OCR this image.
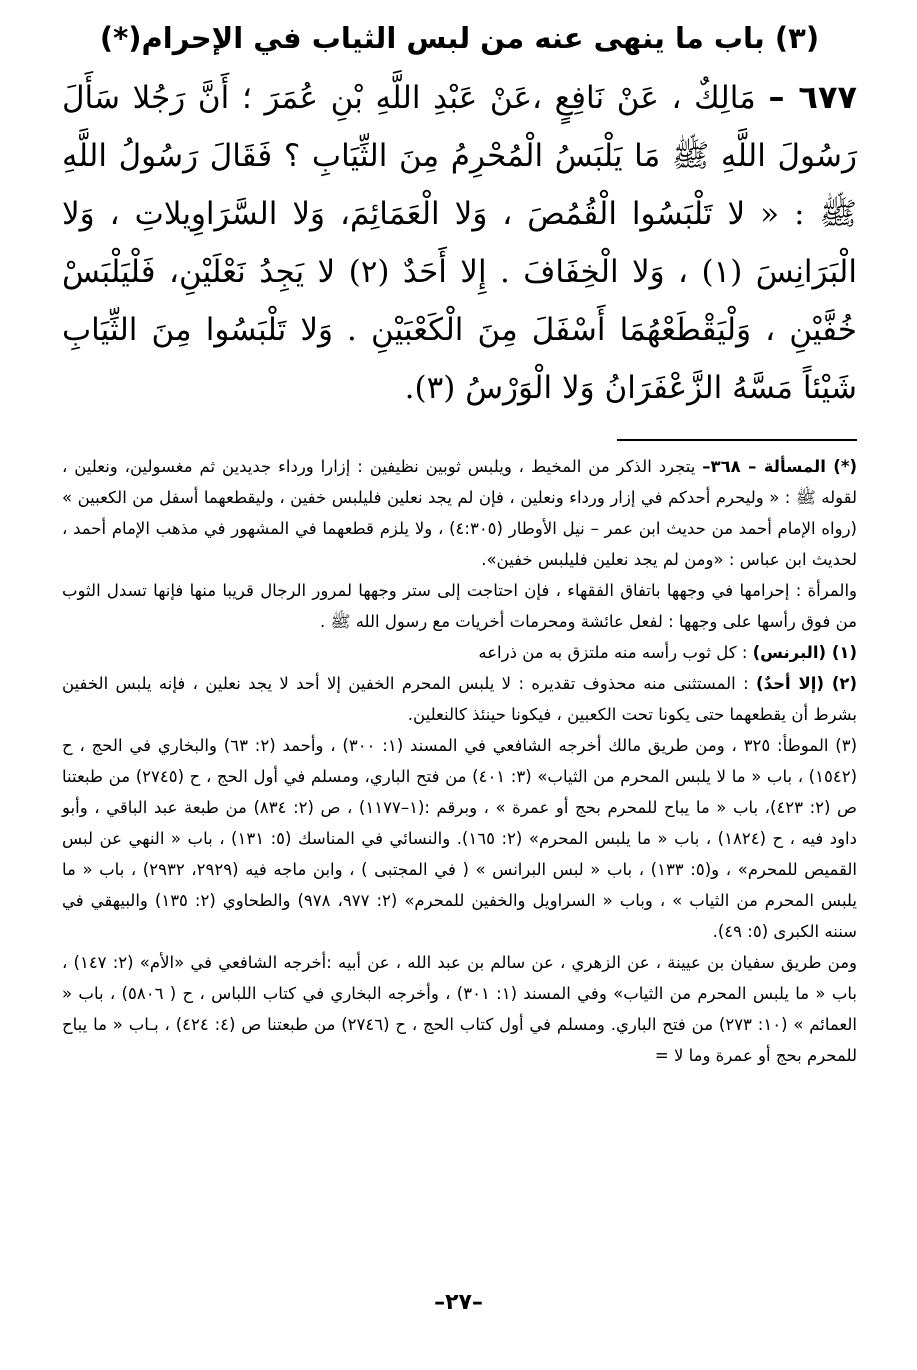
(٣) باب ما ينهى عنه من لبس الثياب في الإحرام(*)

٦٧٧ – مَالِكٌ ، عَنْ نَافِعٍ ،عَنْ عَبْدِ اللَّهِ بْنِ عُمَرَ ؛ أَنَّ رَجُلا سَأَلَ رَسُولَ اللَّهِ ﷺ مَا يَلْبَسُ الْمُحْرِمُ مِنَ الثِّيَابِ ؟ فَقَالَ رَسُولُ اللَّهِ ﷺ : « لا تَلْبَسُوا الْقُمُصَ ، وَلا الْعَمَائِمَ، وَلا السَّرَاوِيلاتِ ، وَلا الْبَرَانِسَ (١) ، وَلا الْخِفَافَ . إِلا أَحَدٌ (٢) لا يَجِدُ نَعْلَيْنِ، فَلْيَلْبَسْ خُفَّيْنِ ، وَلْيَقْطَعْهُمَا أَسْفَلَ مِنَ الْكَعْبَيْنِ . وَلا تَلْبَسُوا مِنَ الثِّيَابِ شَيْئاً مَسَّهُ الزَّعْفَرَانُ وَلا الْوَرْسُ (٣).

(*) المسألة – ٣٦٨– يتجرد الذكر من المخيط ، ويلبس ثوبين نظيفين : إزارا ورداء جديدين ثم مغسولين، ونعلين ، لقوله ﷺ : « وليحرم أحدكم في إزار ورداء ونعلين ، فإن لم يجد نعلين فليلبس خفين ، وليقطعهما أسفل من الكعبين » (رواه الإمام أحمد من حديث ابن عمر – نيل الأوطار (٤:٣٠٥) ، ولا يلزم قطعهما في المشهور في مذهب الإمام أحمد ، لحديث ابن عباس : «ومن لم يجد نعلين فليلبس خفين».

والمرأة : إحرامها في وجهها باتفاق الفقهاء ، فإن احتاجت إلى ستر وجهها لمرور الرجال قريبا منها فإنها تسدل الثوب من فوق رأسها على وجهها : لفعل عائشة ومحرمات أخريات مع رسول الله ﷺ .

(١) (البرنس) : كل ثوب رأسه منه ملتزق به من ذراعه

(٢) (إلا أحدٌ) : المستثنى منه محذوف تقديره : لا يلبس المحرم الخفين إلا أحد لا يجد نعلين ، فإنه يلبس الخفين بشرط أن يقطعهما حتى يكونا تحت الكعبين ، فيكونا حينئذ كالنعلين.

(٣) الموطأ: ٣٢٥ ، ومن طريق مالك أخرجه الشافعي في المسند (١: ٣٠٠) ، وأحمد (٢: ٦٣) والبخاري في الحج ، ح (١٥٤٢) ، باب « ما لا يلبس المحرم من الثياب» (٣: ٤٠١) من فتح الباري، ومسلم في أول الحج ، ح (٢٧٤٥) من طبعتنا ص (٢: ٤٢٣)، باب « ما يباح للمحرم بحج أو عمرة » ، وبرقم :(١–١١٧٧) ، ص (٢: ٨٣٤) من طبعة عبد الباقي ، وأبو داود فيه ، ح (١٨٢٤) ، باب « ما يلبس المحرم» (٢: ١٦٥). والنسائي في المناسك (٥: ١٣١) ، باب « النهي عن لبس القميص للمحرم» ، و(٥: ١٣٣) ، باب « لبس البرانس » ( في المجتبى ) ، وابن ماجه فيه (٢٩٢٩، ٢٩٣٢) ، باب « ما يلبس المحرم من الثياب » ، وباب « السراويل والخفين للمحرم» (٢: ٩٧٧، ٩٧٨) والطحاوي (٢: ١٣٥) والبيهقي في سننه الكبرى (٥: ٤٩).

ومن طريق سفيان بن عيينة ، عن الزهري ، عن سالم بن عبد الله ، عن أبيه :أخرجه الشافعي في «الأم» (٢: ١٤٧) ، باب « ما يلبس المحرم من الثياب» وفي المسند (١: ٣٠١) ، وأخرجه البخاري في كتاب اللباس ، ح ( ٥٨٠٦) ، باب « العمائم » (١٠: ٢٧٣) من فتح الباري. ومسلم في أول كتاب الحج ، ح (٢٧٤٦) من طبعتنا ص (٤: ٤٢٤) ، بـاب « ما يباح للمحرم بحج أو عمرة وما لا =

–٢٧–
